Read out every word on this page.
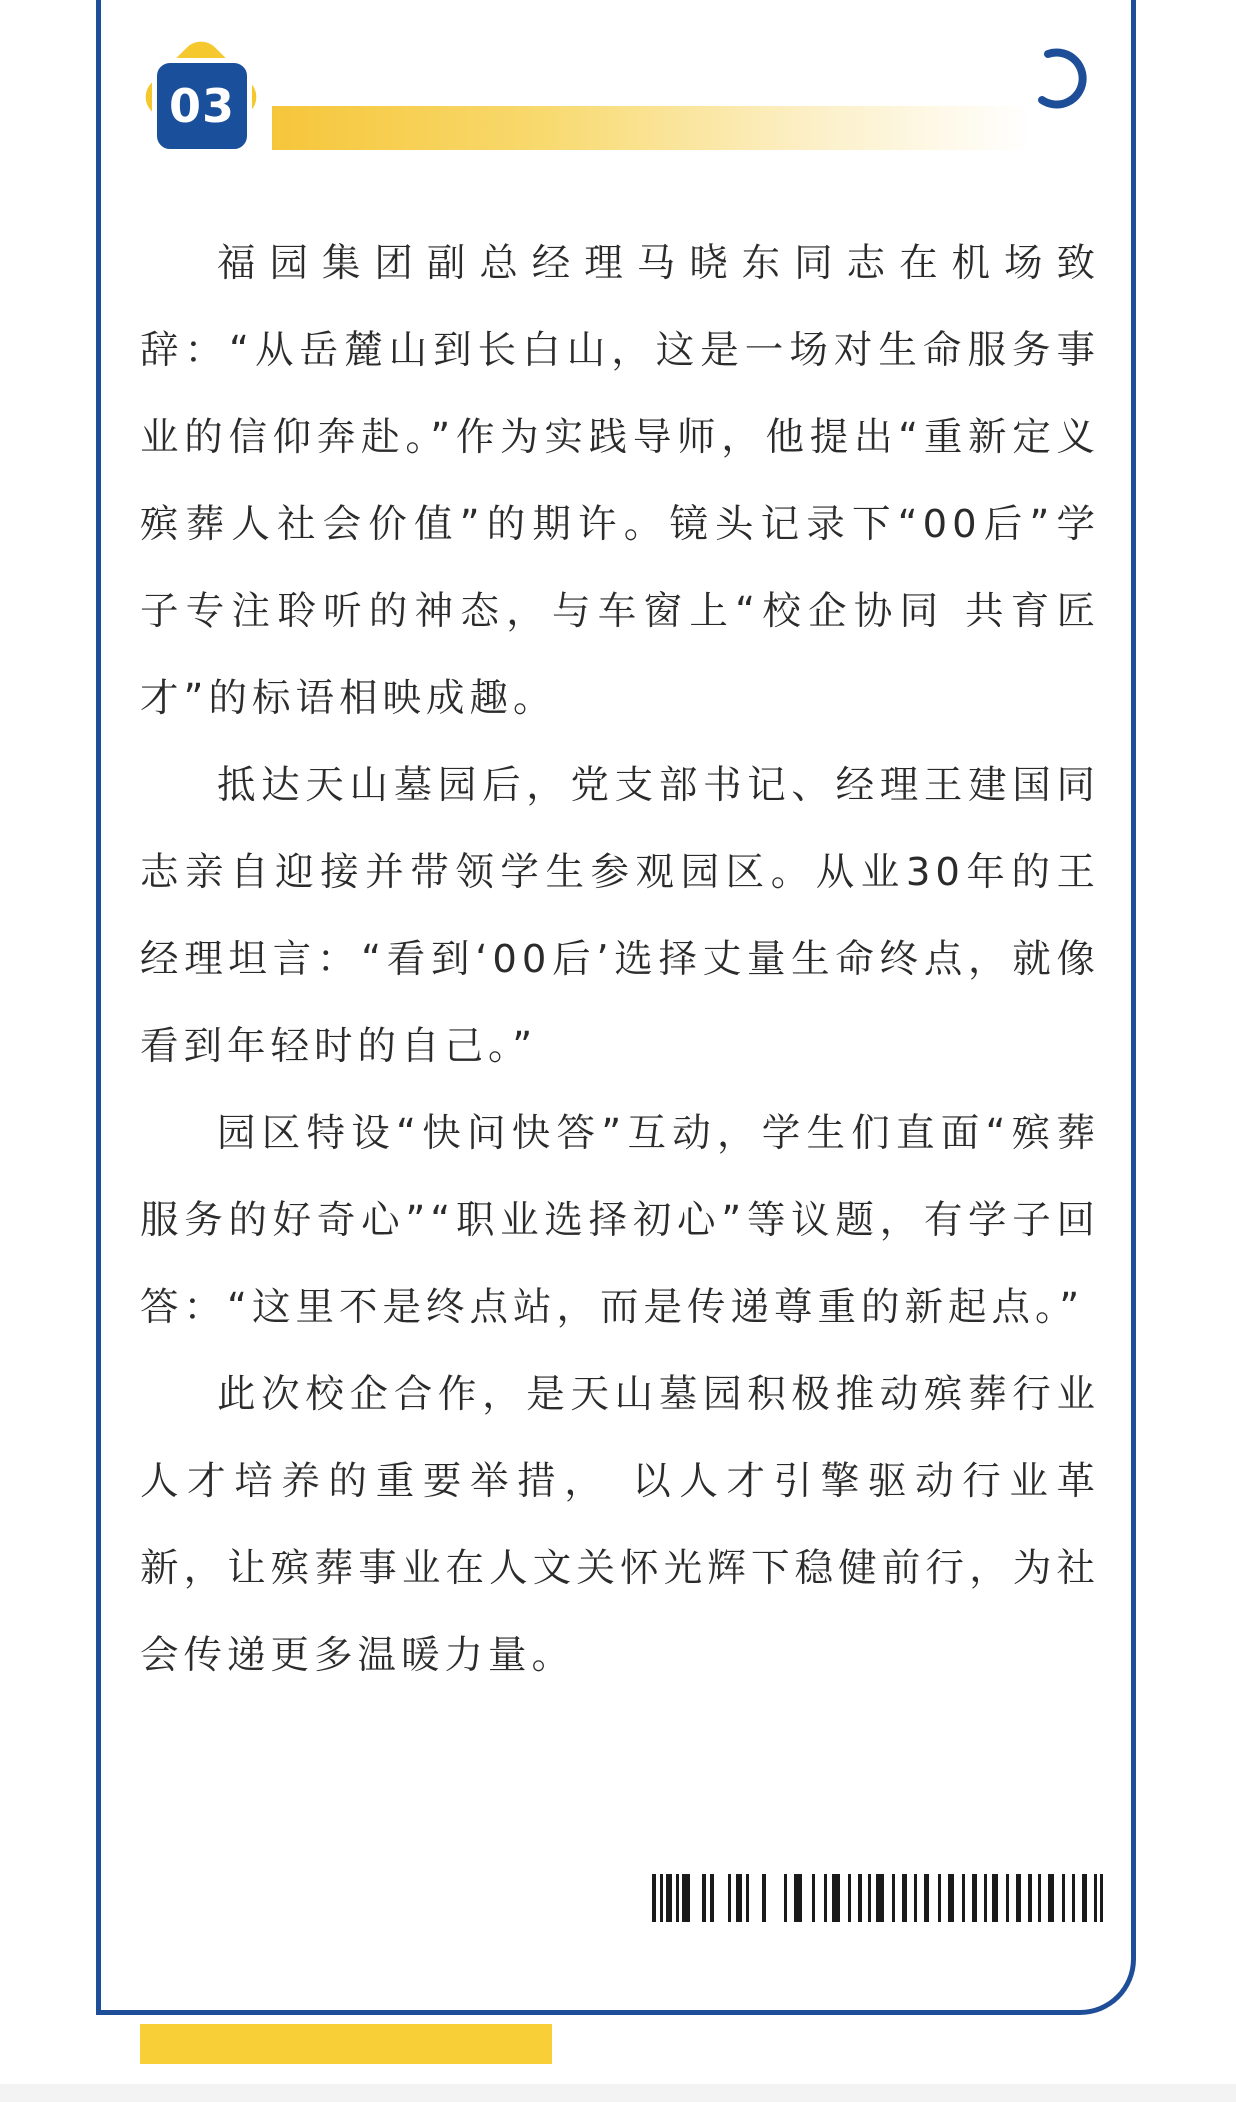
03

福园集团副总经理马晓东同志在机场致辞：“从岳麓山到长白山，这是一场对生命服务事业的信仰奔赴。”作为实践导师，他提出“重新定义殡葬人社会价值”的期许。镜头记录下“00后”学子专注聆听的神态，与车窗上“校企协同 共育匠才”的标语相映成趣。

抵达天山墓园后，党支部书记、经理王建国同志亲自迎接并带领学生参观园区。从业30年的王经理坦言：“看到‘00后’选择丈量生命终点，就像看到年轻时的自己。”

园区特设“快问快答”互动，学生们直面“殡葬服务的好奇心”“职业选择初心”等议题，有学子回答：“这里不是终点站，而是传递尊重的新起点。”

此次校企合作，是天山墓园积极推动殡葬行业人才培养的重要举措， 以人才引擎驱动行业革新，让殡葬事业在人文关怀光辉下稳健前行，为社会传递更多温暖力量。
